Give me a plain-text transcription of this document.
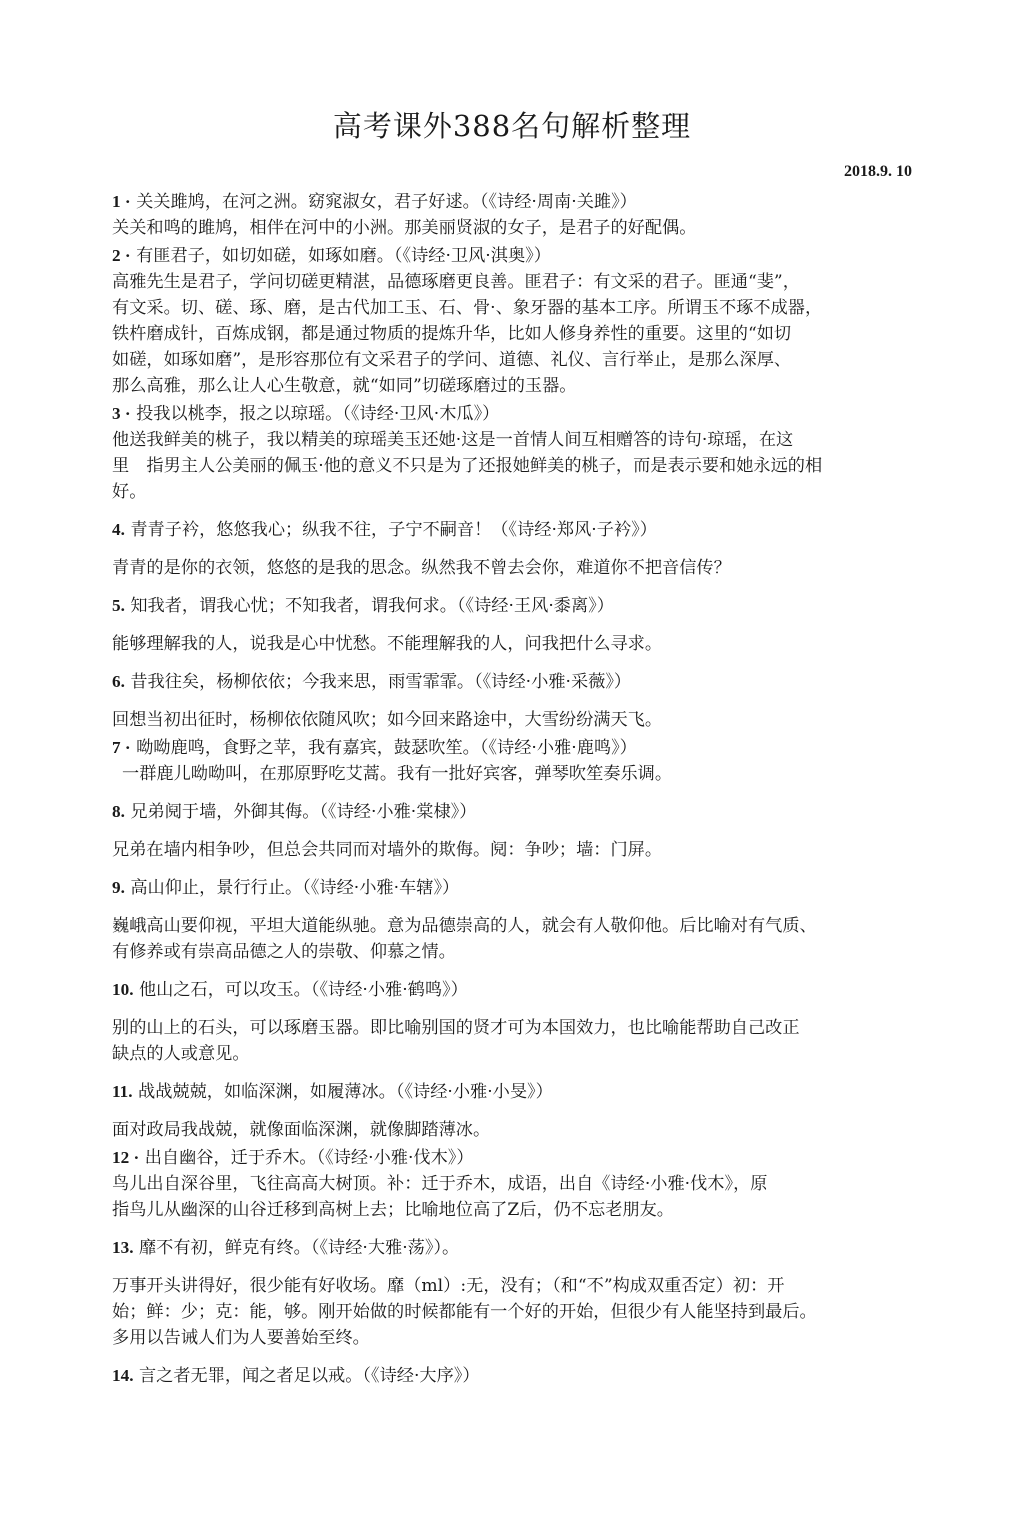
高考课外388名句解析整理
2018.9. 10
1 · 关关雎鸠，在河之洲。窈窕淑女，君子好逑。（《诗经·周南·关雎》）
关关和鸣的雎鸠，相伴在河中的小洲。那美丽贤淑的女子，是君子的好配偶。
2 · 有匪君子，如切如磋，如琢如磨。（《诗经·卫风·淇奥》）
高雅先生是君子，学问切磋更精湛，品德琢磨更良善。匪君子：有文采的君子。匪通“斐”，
有文采。切、磋、琢、磨，是古代加工玉、石、骨·、象牙器的基本工序。所谓玉不琢不成器，
铁杵磨成针，百炼成钢，都是通过物质的提炼升华，比如人修身养性的重要。这里的“如切
如磋，如琢如磨”，是形容那位有文采君子的学问、道德、礼仪、言行举止，是那么深厚、
那么高雅，那么让人心生敬意，就“如同”切磋琢磨过的玉器。
3 · 投我以桃李，报之以琼瑶。（《诗经·卫风·木瓜》）
他送我鲜美的桃子，我以精美的琼瑶美玉还她·这是一首情人间互相赠答的诗句·琼瑶，在这
里　指男主人公美丽的佩玉·他的意义不只是为了还报她鲜美的桃子，而是表示要和她永远的相
好。
4. 青青子衿，悠悠我心；纵我不往，子宁不嗣音！（《诗经·郑风·子衿》）
青青的是你的衣领，悠悠的是我的思念。纵然我不曾去会你，难道你不把音信传？
5. 知我者，谓我心忧；不知我者，谓我何求。（《诗经·王风·黍离》）
能够理解我的人，说我是心中忧愁。不能理解我的人，问我把什么寻求。
6. 昔我往矣，杨柳依依；今我来思，雨雪霏霏。（《诗经·小雅·采薇》）
回想当初出征时，杨柳依依随风吹；如今回来路途中，大雪纷纷满天飞。
7 · 呦呦鹿鸣，食野之苹，我有嘉宾，鼓瑟吹笙。（《诗经·小雅·鹿鸣》）
一群鹿儿呦呦叫，在那原野吃艾蒿。我有一批好宾客，弹琴吹笙奏乐调。
8. 兄弟阋于墙，外御其侮。（《诗经·小雅·棠棣》）
兄弟在墙内相争吵，但总会共同而对墙外的欺侮。阋：争吵；墙：门屏。
9. 高山仰止，景行行止。（《诗经·小雅·车辖》）
巍峨高山要仰视，平坦大道能纵驰。意为品德崇高的人，就会有人敬仰他。后比喻对有气质、
有修养或有崇高品德之人的崇敬、仰慕之情。
10. 他山之石，可以攻玉。（《诗经·小雅·鹤鸣》）
别的山上的石头，可以琢磨玉器。即比喻别国的贤才可为本国效力，也比喻能帮助自己改正
缺点的人或意见。
11. 战战兢兢，如临深渊，如履薄冰。（《诗经·小雅·小旻》）
面对政局我战兢，就像面临深渊，就像脚踏薄冰。
12 · 出自幽谷，迁于乔木。（《诗经·小雅·伐木》）
鸟儿出自深谷里，飞往高高大树顶。补：迁于乔木，成语，出自《诗经·小雅·伐木》，原
指鸟儿从幽深的山谷迁移到高树上去；比喻地位高了Z后，仍不忘老朋友。
13. 靡不有初，鲜克有终。（《诗经·大雅·荡》）。
万事开头讲得好，很少能有好收场。靡（ml）:无，没有；（和“不”构成双重否定）初：开
始；鲜：少；克：能，够。刚开始做的时候都能有一个好的开始，但很少有人能坚持到最后。
多用以告诫人们为人要善始至终。
14. 言之者无罪，闻之者足以戒。（《诗经·大序》）
